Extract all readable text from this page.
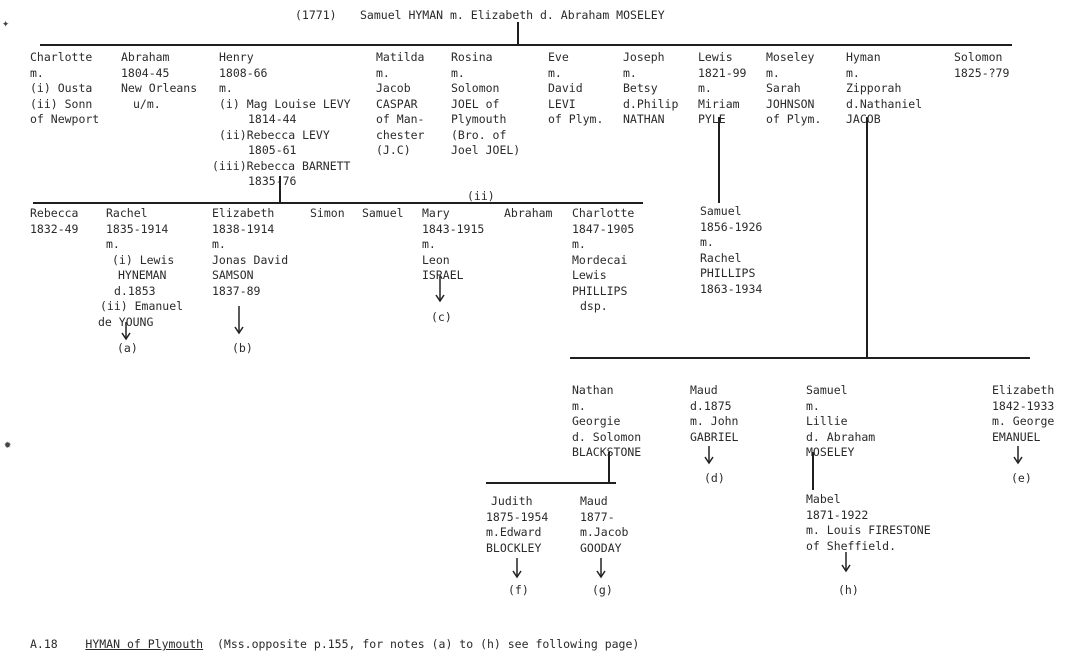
(1771) Samuel HYMAN m. Elizabeth d. Abraham MOSELEY
✦
✹
Charlotte
m.
(i) Ousta
(ii) Sonn
of Newport
Abraham
1804-45
New Orleans
u/m.
Henry
1808-66
m.
(i) Mag Louise LEVY
1814-44
(ii)Rebecca LEVY
1805-61
(iii)Rebecca BARNETT
1835-76
Matilda
m.
Jacob
CASPAR
of Man-
chester
(J.C)
Rosina
m.
Solomon
JOEL of
Plymouth
(Bro. of
Joel JOEL)
Eve
m.
David
LEVI
of Plym.
Joseph
m.
Betsy
d.Philip
NATHAN
Lewis
1821-99
m.
Miriam
PYLE
Moseley
m.
Sarah
JOHNSON
of Plym.
Hyman
m.
Zipporah
d.Nathaniel
JACOB
Solomon
1825-?79
(ii)
Rebecca
1832-49
Rachel
1835-1914
m.
(i) Lewis
HYNEMAN
d.1853
(ii) Emanuel
de YOUNG
Elizabeth
1838-1914
m.
Jonas David
SAMSON
1837-89
Simon Samuel Mary
1843-1915
m.
Leon
ISRAEL
Abraham Charlotte
1847-1905
m.
Mordecai
Lewis
PHILLIPS
dsp.
Samuel
1856-1926
m.
Rachel
PHILLIPS
1863-1934
Nathan
m.
Georgie
d. Solomon
BLACKSTONE
Maud
d.1875
m. John
GABRIEL
Samuel
m.
Lillie
d. Abraham
MOSELEY
Elizabeth
1842-1933
m. George
EMANUEL
Judith
1875-1954
m.Edward
BLOCKLEY
Maud
1877-
m.Jacob
GOODAY
Mabel
1871-1922
m. Louis FIRESTONE
of Sheffield.
(a)	(b)
(c)
(d)	(e)
(f)	(g)	(h)
A.18 HYMAN of Plymouth (Mss.opposite p.155, for notes (a) to (h) see following page)
